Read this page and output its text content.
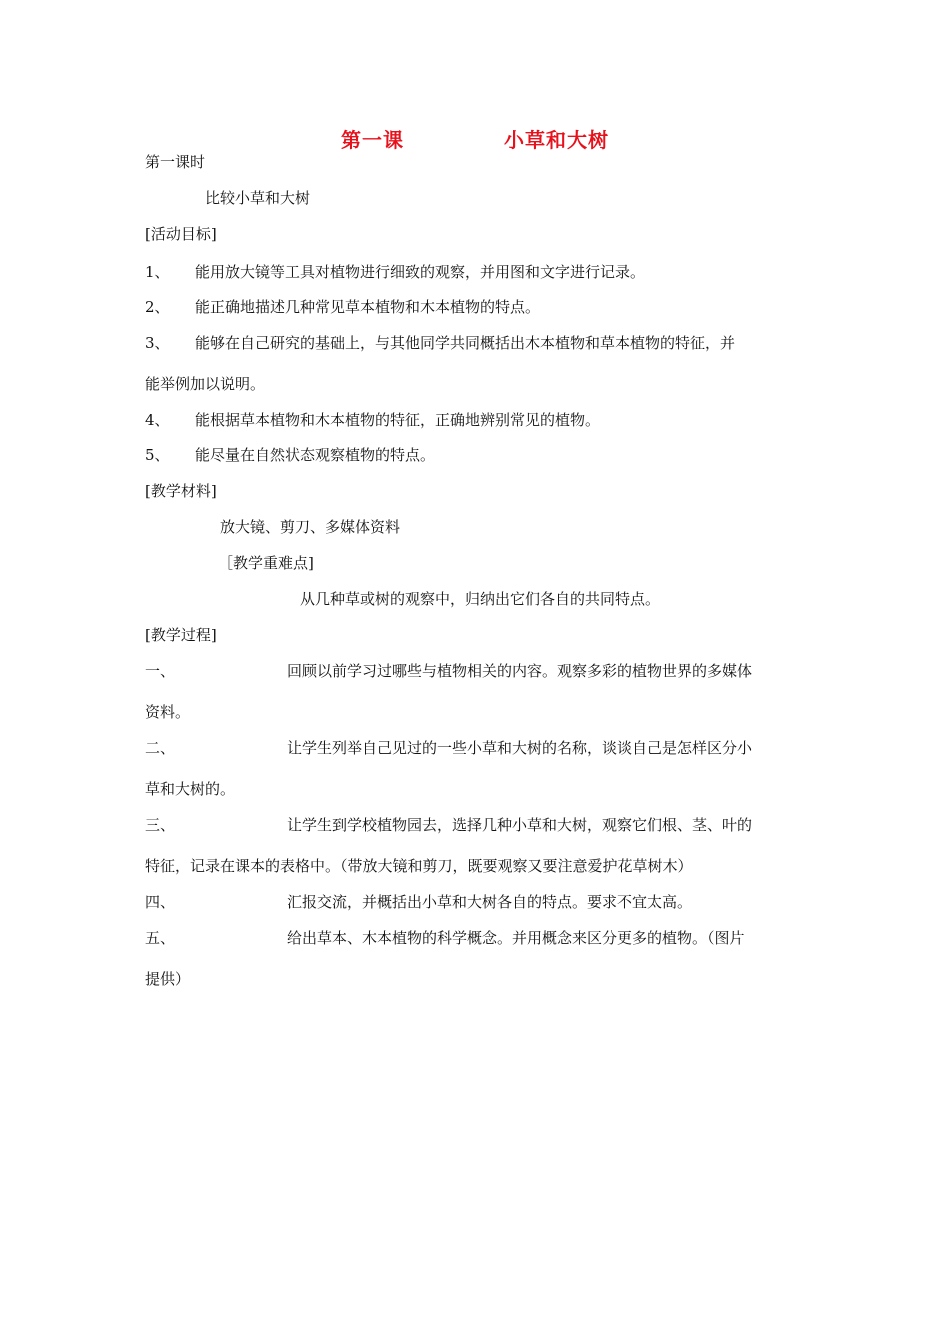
第一课	小草和大树
第一课时
比较小草和大树
[活动目标]
1、 能用放大镜等工具对植物进行细致的观察，并用图和文字进行记录。
2、 能正确地描述几种常见草本植物和木本植物的特点。
3、 能够在自己研究的基础上，与其他同学共同概括出木本植物和草本植物的特征，并
能举例加以说明。
4、 能根据草本植物和木本植物的特征，正确地辨别常见的植物。
5、 能尽量在自然状态观察植物的特点。
[教学材料]
放大镜、剪刀、多媒体资料
［教学重难点]
从几种草或树的观察中，归纳出它们各自的共同特点。
[教学过程]
一、	回顾以前学习过哪些与植物相关的内容。观察多彩的植物世界的多媒体
资料。
二、	让学生列举自己见过的一些小草和大树的名称，谈谈自己是怎样区分小
草和大树的。
三、	让学生到学校植物园去，选择几种小草和大树，观察它们根、茎、叶的
特征，记录在课本的表格中。（带放大镜和剪刀，既要观察又要注意爱护花草树木）
四、	汇报交流，并概括出小草和大树各自的特点。要求不宜太高。
五、	给出草本、木本植物的科学概念。并用概念来区分更多的植物。（图片
提供）
